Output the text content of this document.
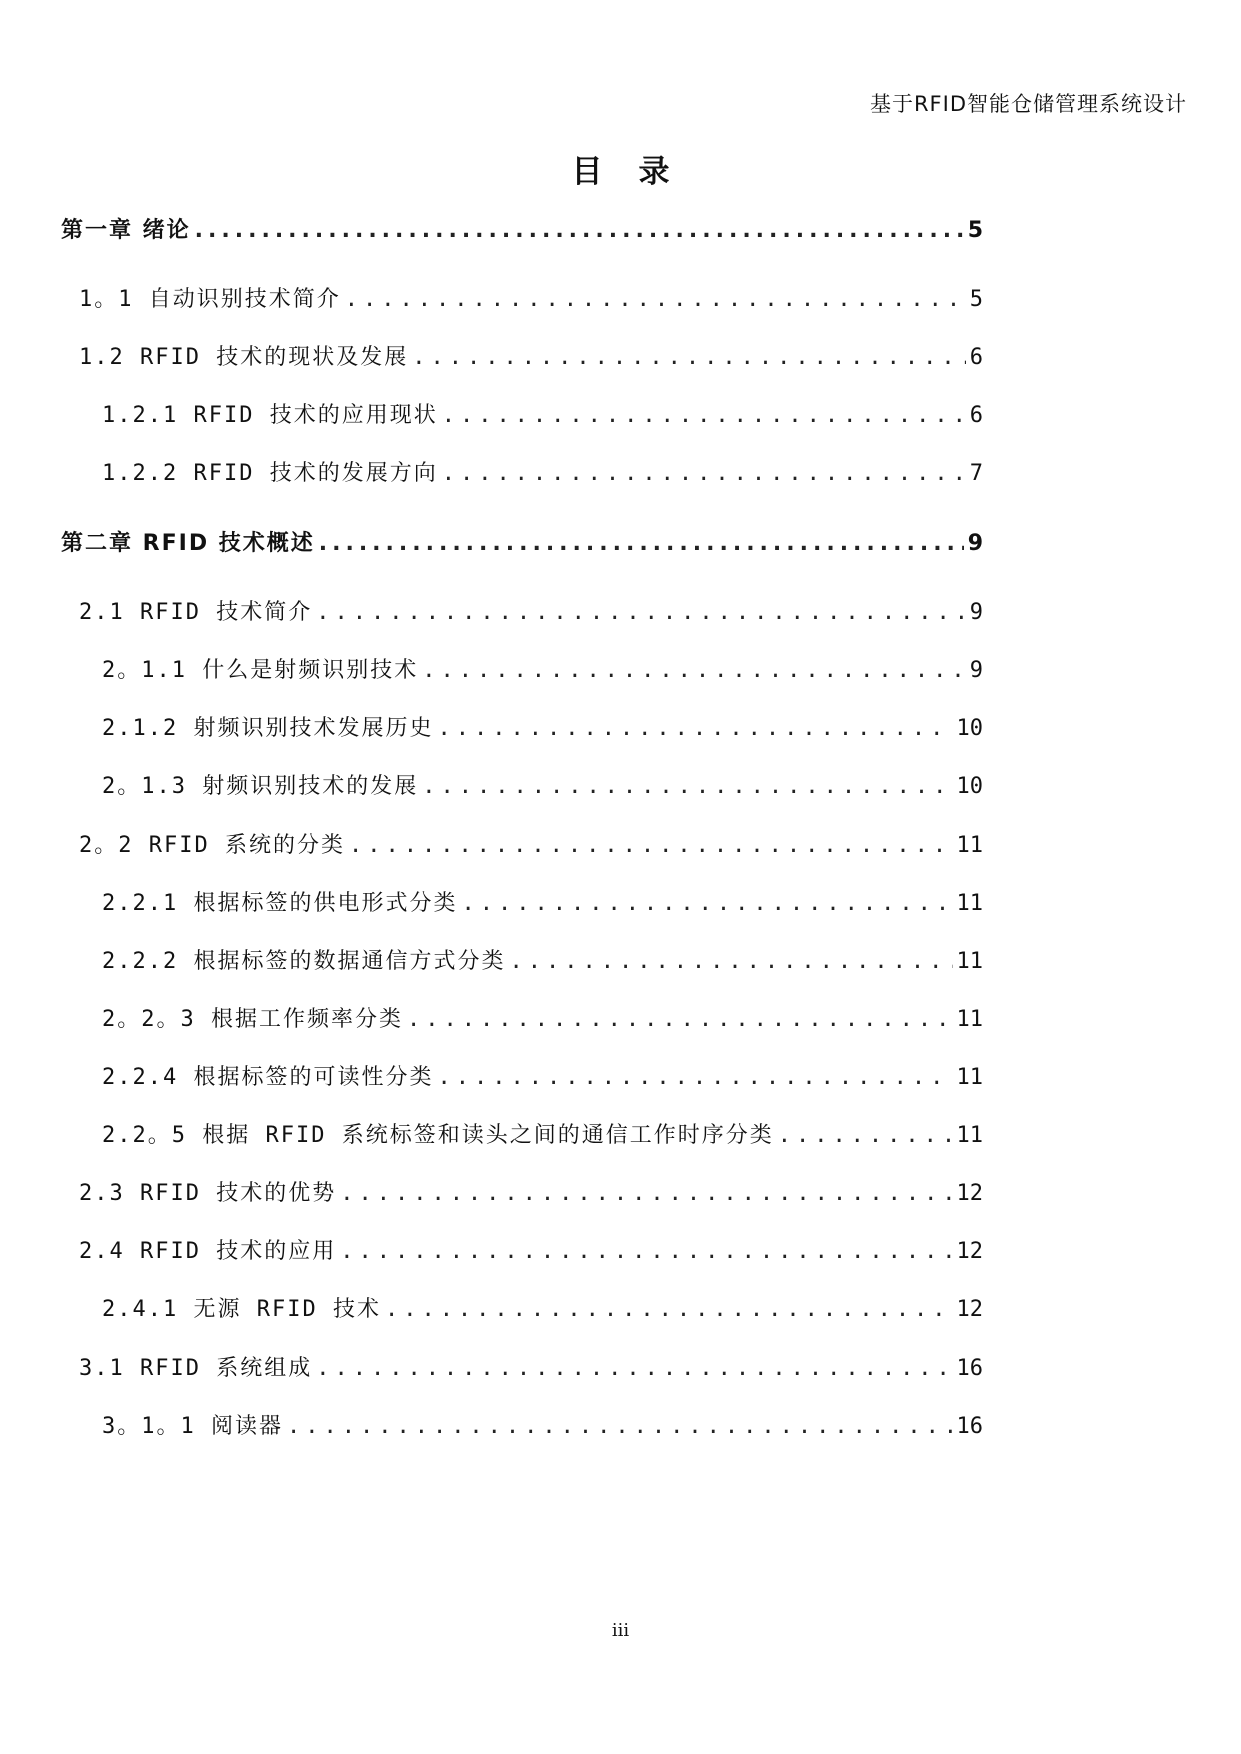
基于RFID智能仓储管理系统设计
目录
第一章 绪论 .....	5
1。1 自动识别技术简介 .....	5
1.2 RFID 技术的现状及发展 .....	6
1.2.1 RFID 技术的应用现状 .....	6
1.2.2 RFID 技术的发展方向 .....	7
第二章 RFID 技术概述 .....	9
2.1 RFID 技术简介 .....	9
2。1.1 什么是射频识别技术 .....	9
2.1.2 射频识别技术发展历史 .....	10
2。1.3 射频识别技术的发展 .....	10
2。2 RFID 系统的分类 .....	11
2.2.1 根据标签的供电形式分类 .....	11
2.2.2 根据标签的数据通信方式分类 .....	11
2。2。3 根据工作频率分类 .....	11
2.2.4 根据标签的可读性分类 .....	11
2.2。5 根据 RFID 系统标签和读头之间的通信工作时序分类 .....	11
2.3 RFID 技术的优势 .....	12
2.4 RFID 技术的应用 .....	12
2.4.1 无源 RFID 技术 .....	12
3.1 RFID 系统组成 .....	16
3。1。1 阅读器 .....	16
iii
